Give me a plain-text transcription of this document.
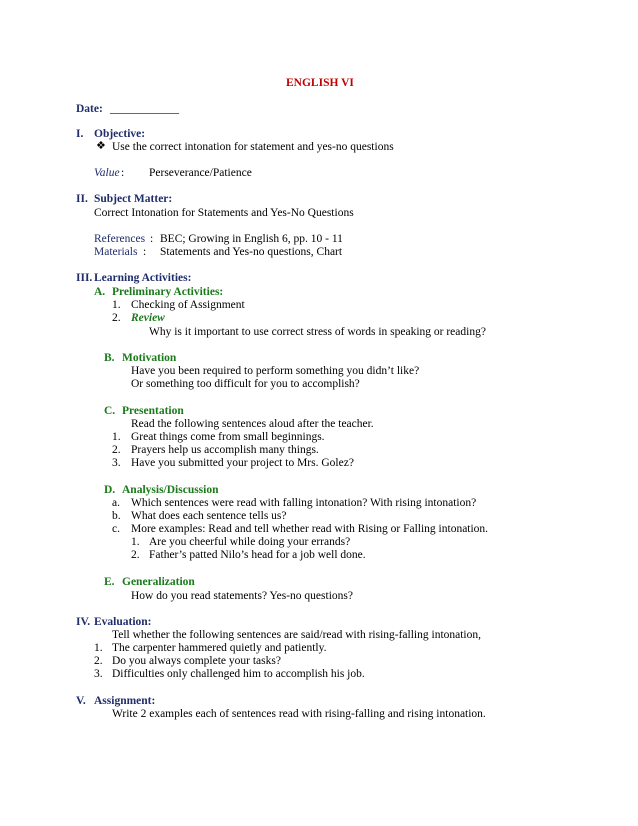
ENGLISH VI
Date: ____________
I. Objective:
❖ Use the correct intonation for statement and yes-no questions
Value : Perseverance/Patience
II. Subject Matter:
Correct Intonation for Statements and Yes-No Questions
References : BEC; Growing in English 6, pp. 10 - 11
Materials : Statements and Yes-no questions, Chart
III. Learning Activities:
A. Preliminary Activities:
1. Checking of Assignment
2. Review
Why is it important to use correct stress of words in speaking or reading?
B. Motivation
Have you been required to perform something you didn’t like?
Or something too difficult for you to accomplish?
C. Presentation
Read the following sentences aloud after the teacher.
1. Great things come from small beginnings.
2. Prayers help us accomplish many things.
3. Have you submitted your project to Mrs. Golez?
D. Analysis/Discussion
a. Which sentences were read with falling intonation? With rising intonation?
b. What does each sentence tells us?
c. More examples: Read and tell whether read with Rising or Falling intonation.
1. Are you cheerful while doing your errands?
2. Father’s patted Nilo’s head for a job well done.
E. Generalization
How do you read statements? Yes-no questions?
IV. Evaluation:
Tell whether the following sentences are said/read with rising-falling intonation,
1. The carpenter hammered quietly and patiently.
2. Do you always complete your tasks?
3. Difficulties only challenged him to accomplish his job.
V. Assignment:
Write 2 examples each of sentences read with rising-falling and rising intonation.
